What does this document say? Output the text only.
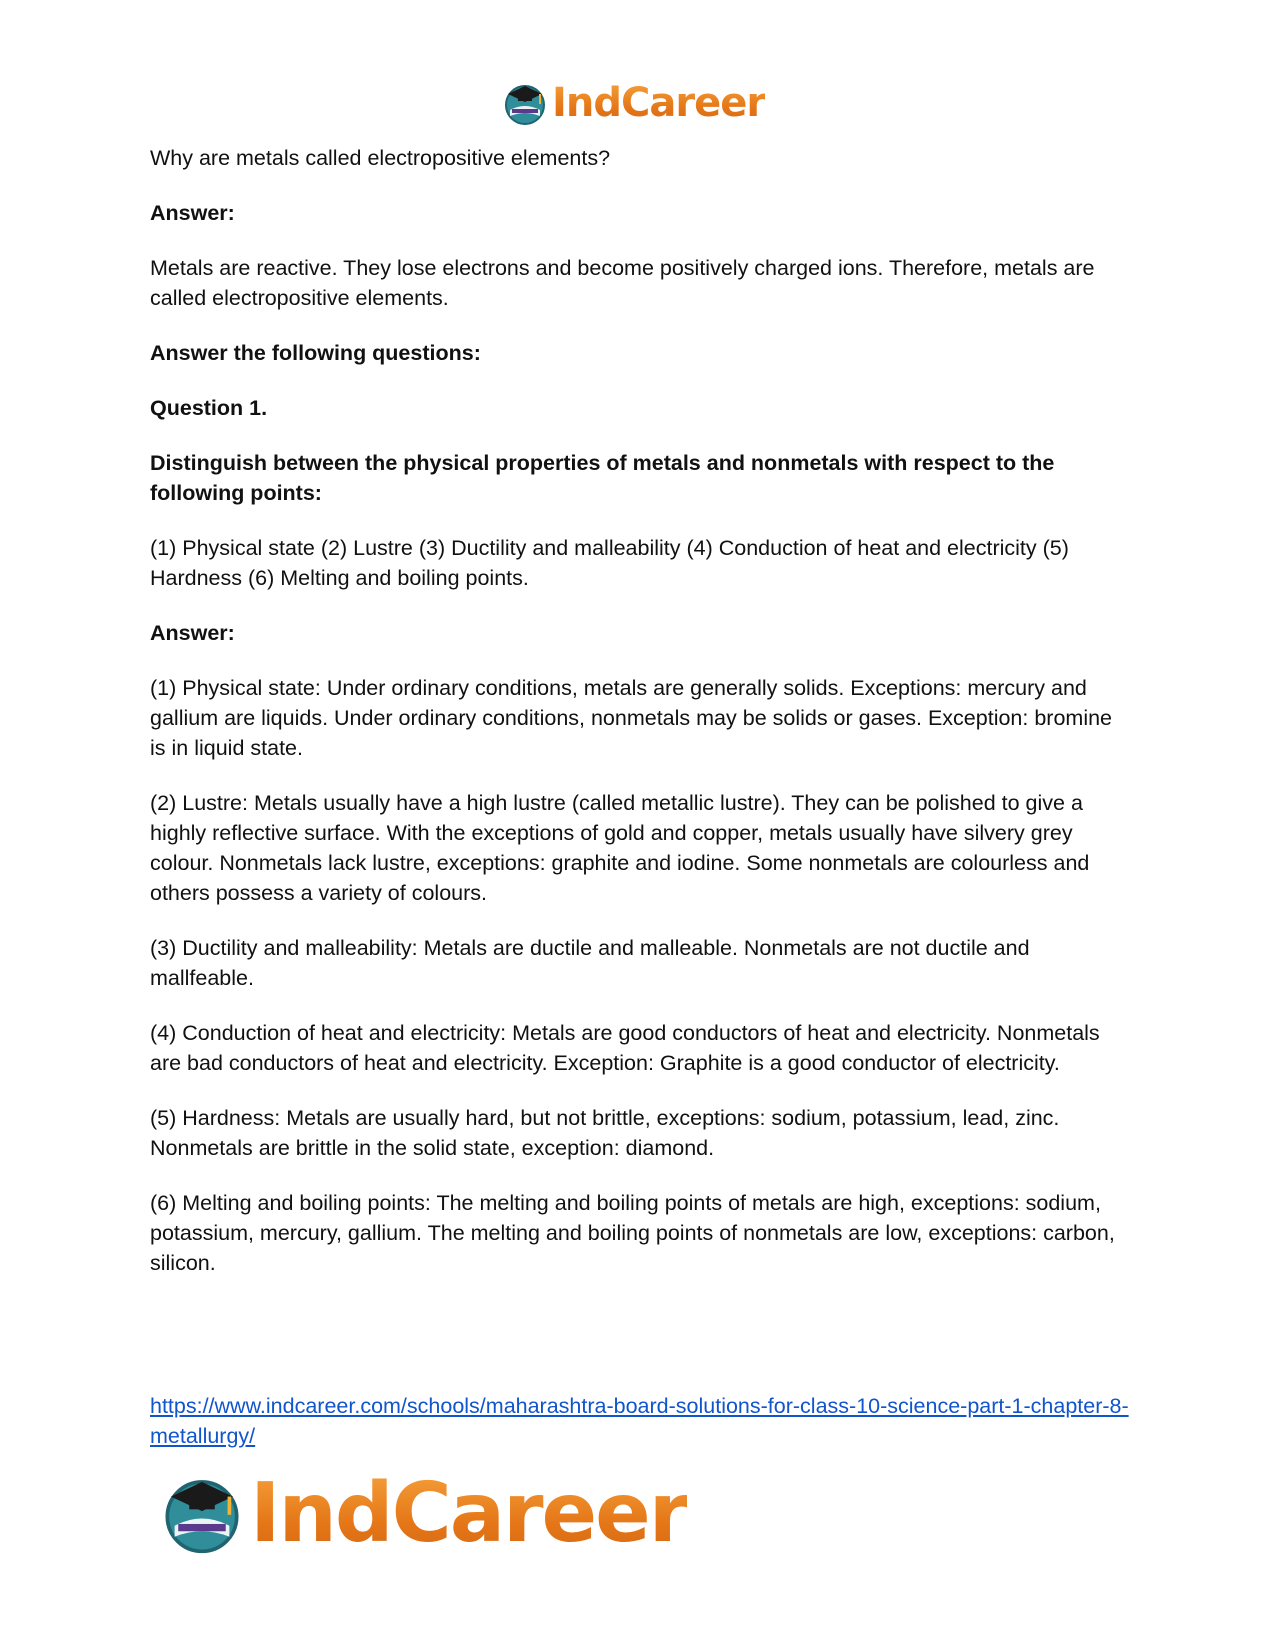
IndCareer

Why are metals called electropositive elements?

Answer:

Metals are reactive. They lose electrons and become positively charged ions. Therefore, metals are called electropositive elements.

Answer the following questions:

Question 1.

Distinguish between the physical properties of metals and nonmetals with respect to the following points:

(1) Physical state (2) Lustre (3) Ductility and malleability (4) Conduction of heat and electricity (5) Hardness (6) Melting and boiling points.

Answer:

(1) Physical state: Under ordinary conditions, metals are generally solids. Exceptions: mercury and gallium are liquids. Under ordinary conditions, nonmetals may be solids or gases. Exception: bromine is in liquid state.

(2) Lustre: Metals usually have a high lustre (called metallic lustre). They can be polished to give a highly reflective surface. With the exceptions of gold and copper, metals usually have silvery grey colour. Nonmetals lack lustre, exceptions: graphite and iodine. Some nonmetals are colourless and others possess a variety of colours.

(3) Ductility and malleability: Metals are ductile and malleable. Nonmetals are not ductile and mallfeable.

(4) Conduction of heat and electricity: Metals are good conductors of heat and electricity. Nonmetals are bad conductors of heat and electricity. Exception: Graphite is a good conductor of electricity.

(5) Hardness: Metals are usually hard, but not brittle, exceptions: sodium, potassium, lead, zinc. Nonmetals are brittle in the solid state, exception: diamond.

(6) Melting and boiling points: The melting and boiling points of metals are high, exceptions: sodium, potassium, mercury, gallium. The melting and boiling points of nonmetals are low, exceptions: carbon, silicon.

https://www.indcareer.com/schools/maharashtra-board-solutions-for-class-10-science-part-1-chapter-8-metallurgy/
IndCareer
